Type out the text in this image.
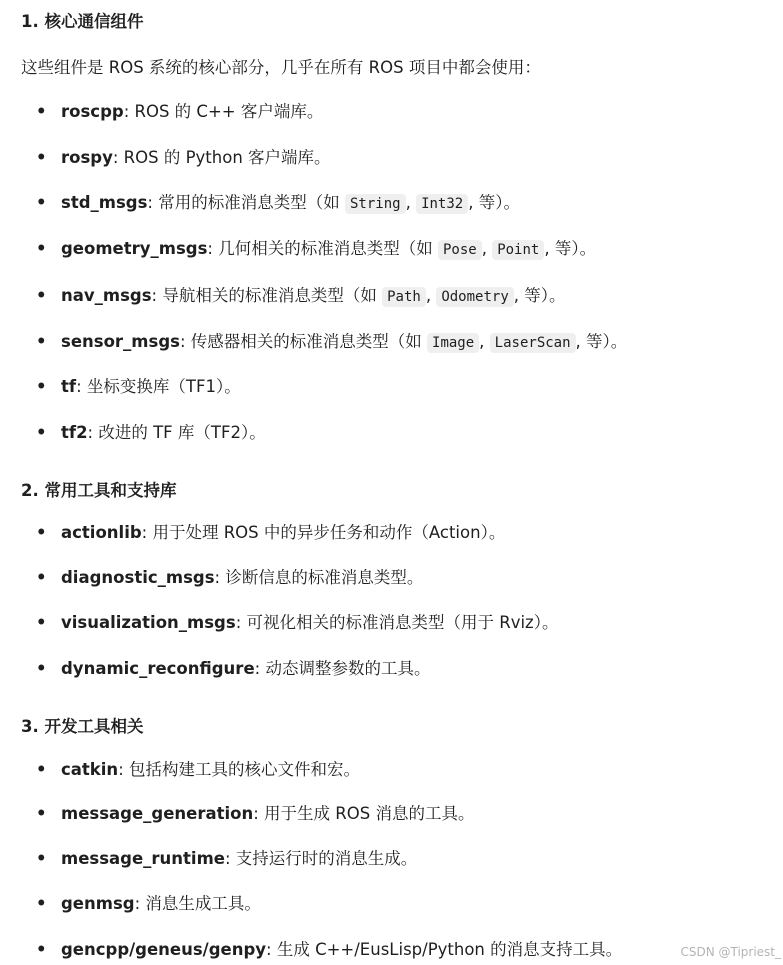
1. 核心通信组件
这些组件是 ROS 系统的核心部分，几乎在所有 ROS 项目中都会使用：
• roscpp: ROS 的 C++ 客户端库。
• rospy: ROS 的 Python 客户端库。
• std_msgs: 常用的标准消息类型（如 String , Int32 , 等）。
• geometry_msgs: 几何相关的标准消息类型（如 Pose , Point , 等）。
• nav_msgs: 导航相关的标准消息类型（如 Path , Odometry , 等）。
• sensor_msgs: 传感器相关的标准消息类型（如 Image , LaserScan , 等）。
• tf: 坐标变换库（TF1）。
• tf2: 改进的 TF 库（TF2）。
2. 常用工具和支持库
• actionlib: 用于处理 ROS 中的异步任务和动作（Action）。
• diagnostic_msgs: 诊断信息的标准消息类型。
• visualization_msgs: 可视化相关的标准消息类型（用于 Rviz）。
• dynamic_reconfigure: 动态调整参数的工具。
3. 开发工具相关
• catkin: 包括构建工具的核心文件和宏。
• message_generation: 用于生成 ROS 消息的工具。
• message_runtime: 支持运行时的消息生成。
• genmsg: 消息生成工具。
• gencpp/geneus/genpy: 生成 C++/EusLisp/Python 的消息支持工具。	CSDN @Tipriest_
